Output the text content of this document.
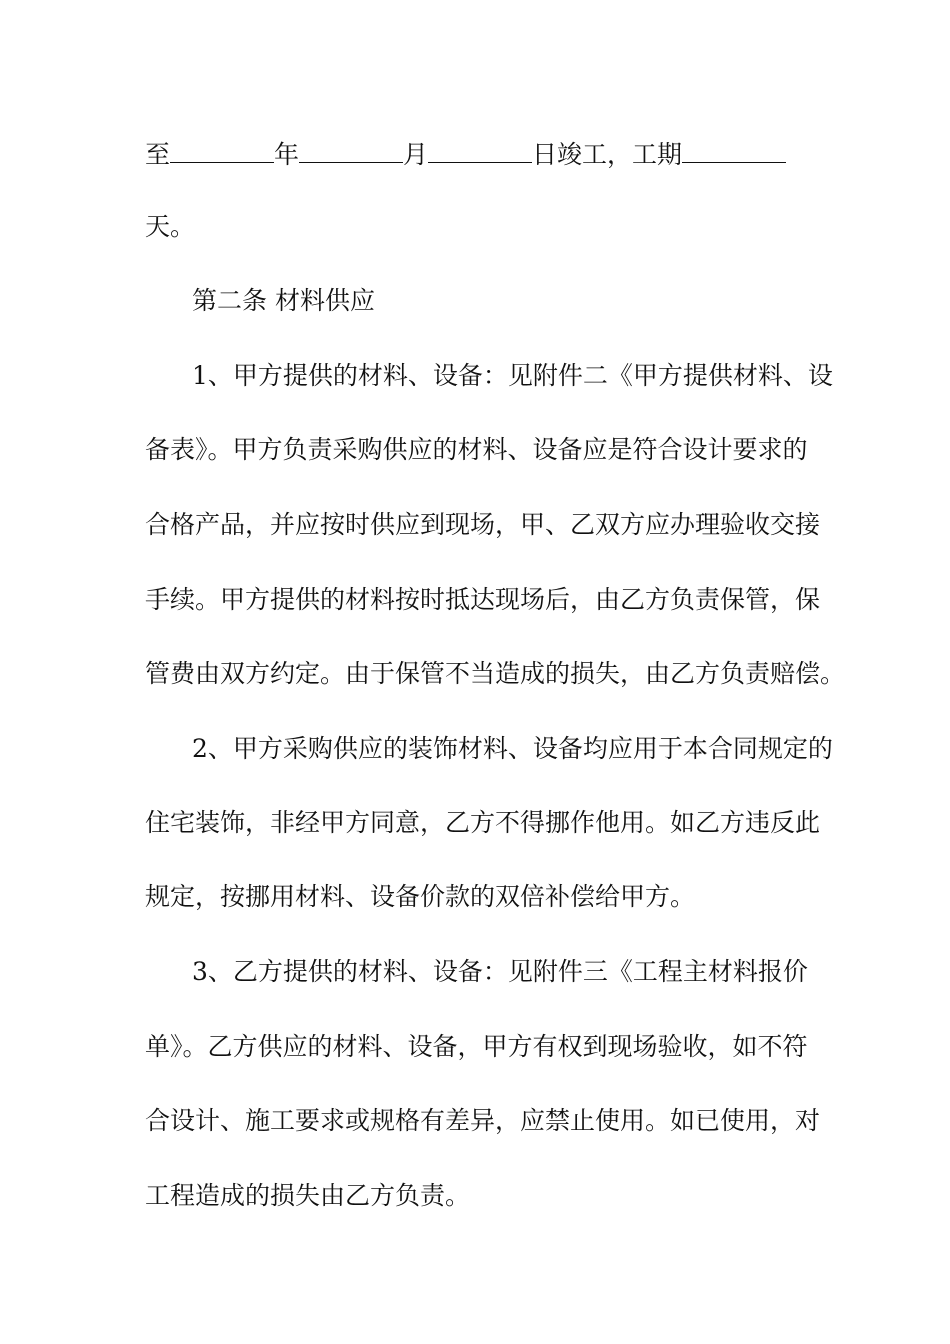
至	年	月	日竣工，工期
天。
第二条 材料供应
1、甲方提供的材料、设备：见附件二《甲方提供材料、设
备表》。甲方负责采购供应的材料、设备应是符合设计要求的
合格产品，并应按时供应到现场，甲、乙双方应办理验收交接
手续。甲方提供的材料按时抵达现场后，由乙方负责保管，保
管费由双方约定。由于保管不当造成的损失，由乙方负责赔偿。
2、甲方采购供应的装饰材料、设备均应用于本合同规定的
住宅装饰，非经甲方同意，乙方不得挪作他用。如乙方违反此
规定，按挪用材料、设备价款的双倍补偿给甲方。
3、乙方提供的材料、设备：见附件三《工程主材料报价
单》。乙方供应的材料、设备，甲方有权到现场验收，如不符
合设计、施工要求或规格有差异，应禁止使用。如已使用，对
工程造成的损失由乙方负责。
